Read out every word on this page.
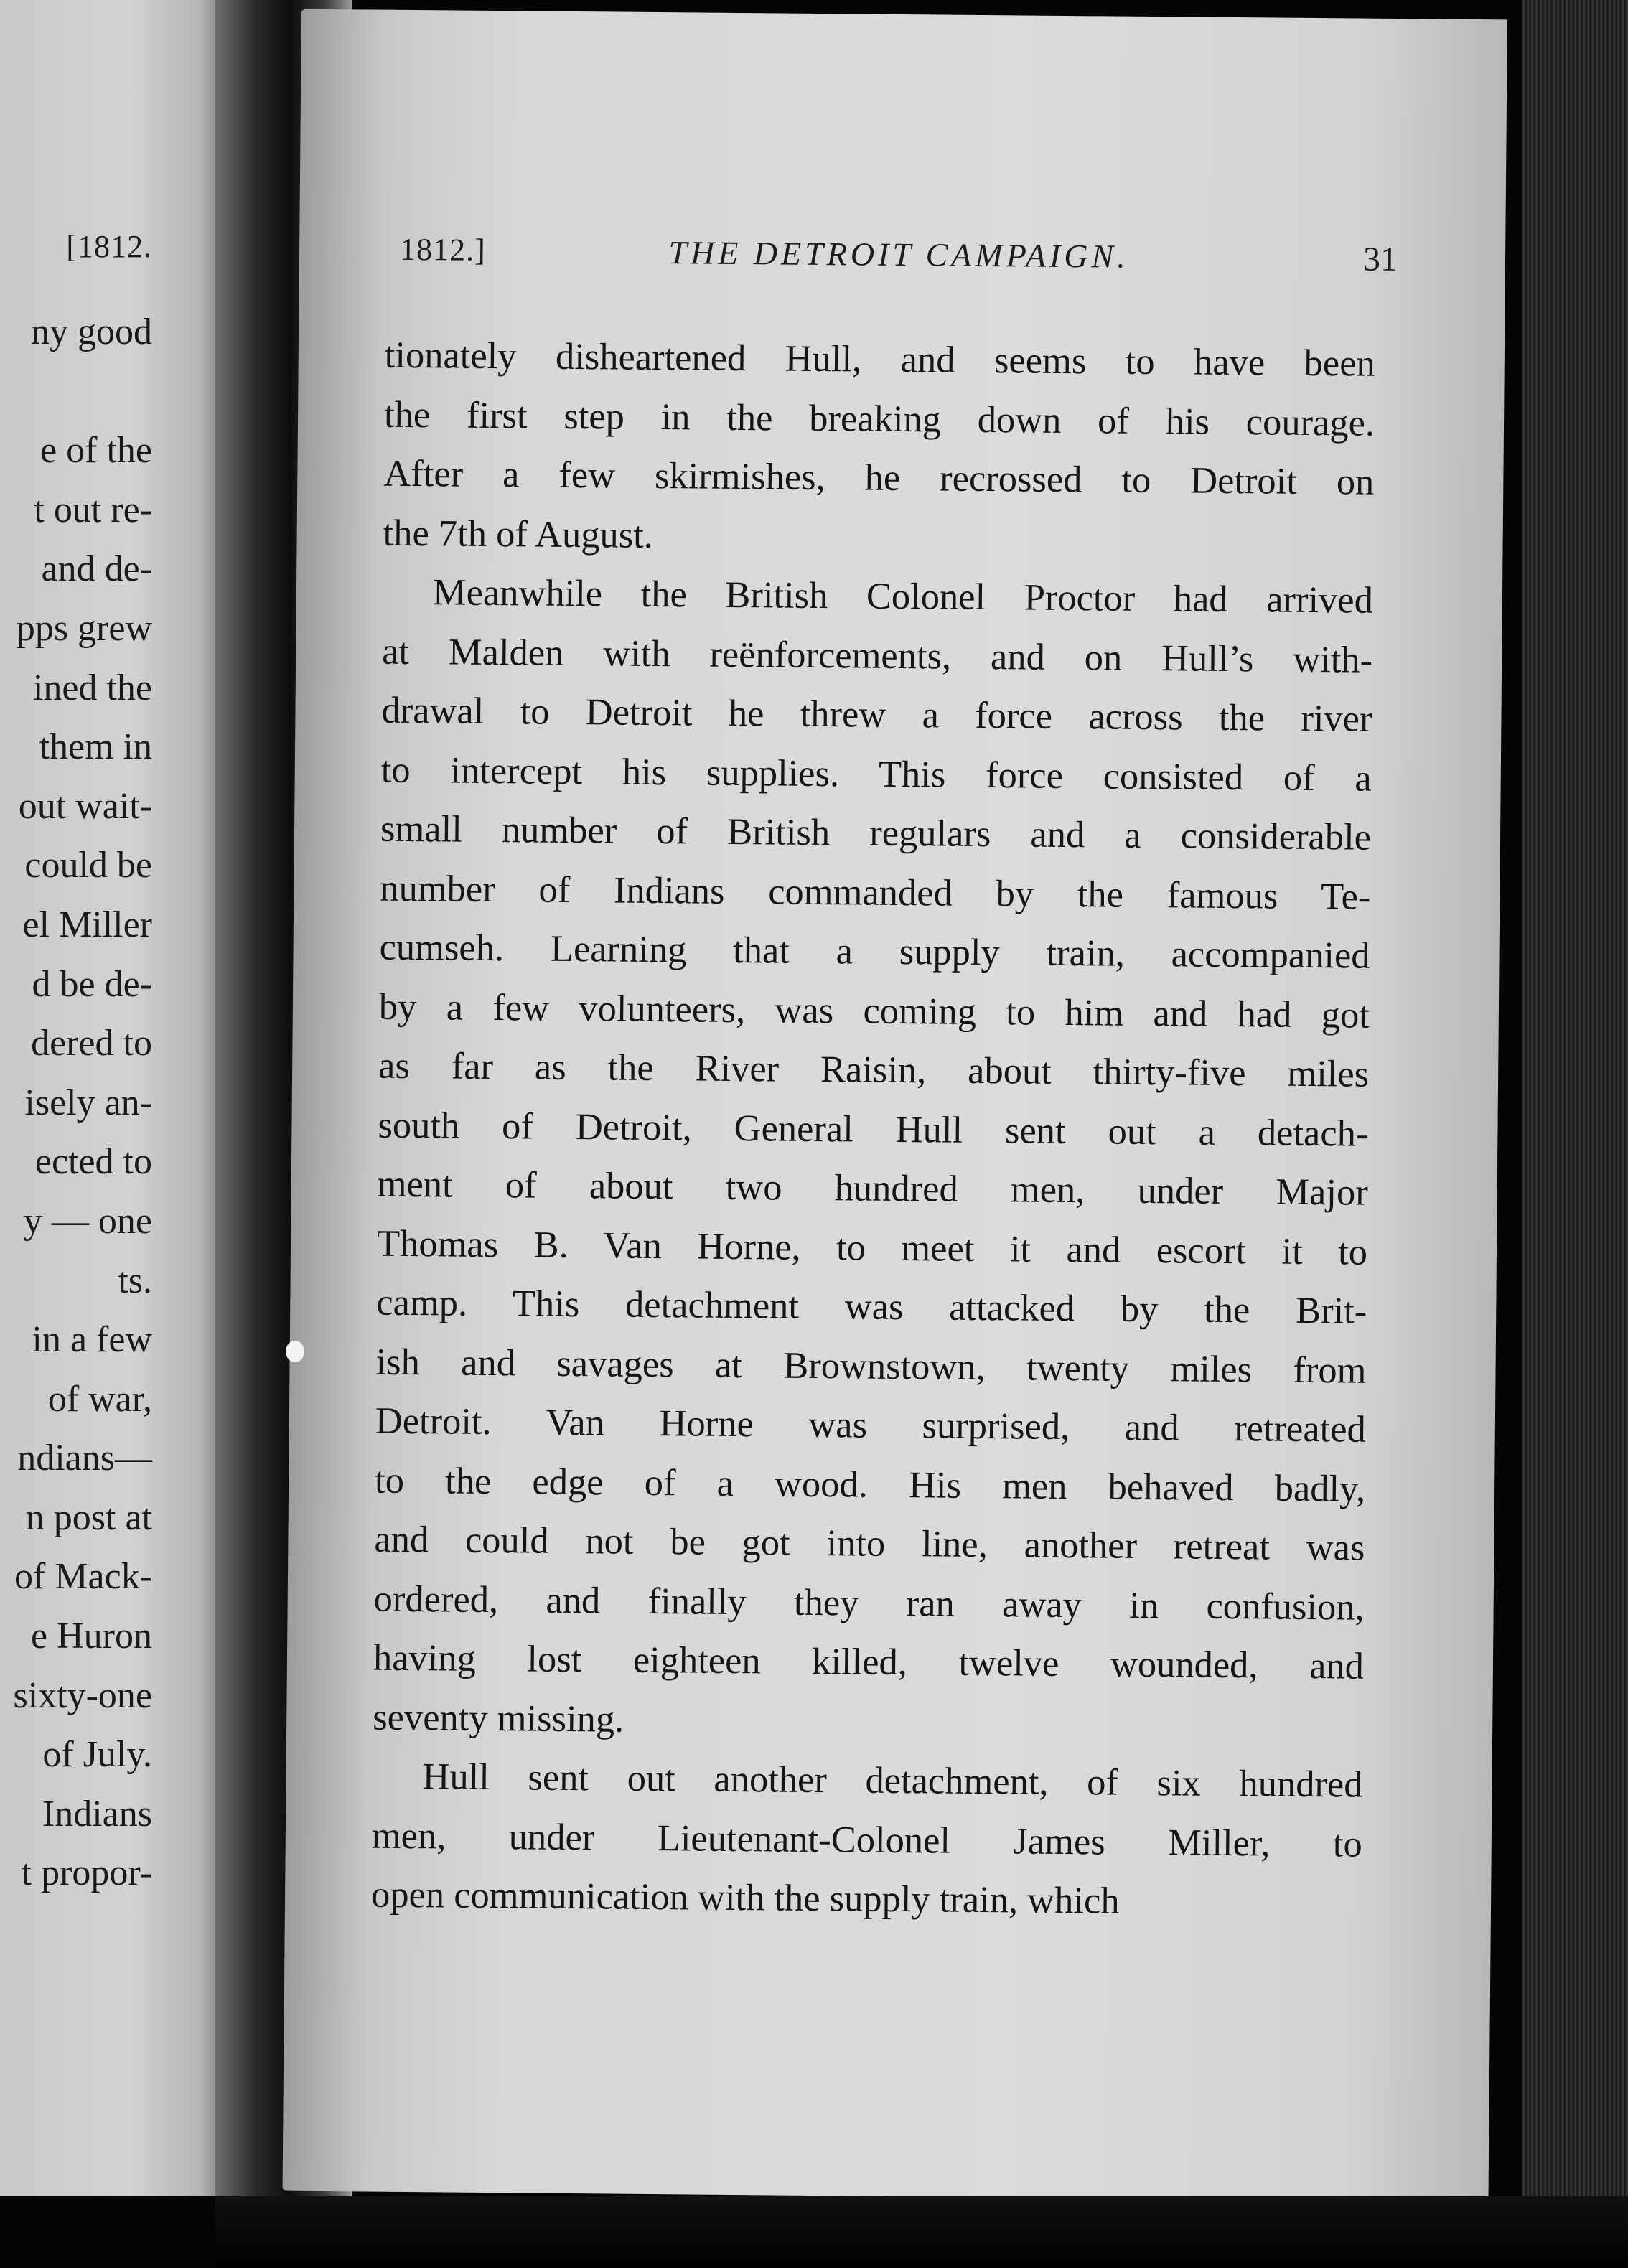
[1812.
ny good
e of the
t out re-
and de-
pps grew
ined the
them in
out wait-
could be
el Miller
d be de-
dered to
isely an-
ected to
y — one
ts.
in a few
of war,
ndians—
n post at
of Mack-
e Huron
sixty-one
of July.
Indians
t propor-
1812.]	THE DETROIT CAMPAIGN.	31
tionately disheartened Hull, and seems to have been
the first step in the breaking down of his courage.
After a few skirmishes, he recrossed to Detroit on
the 7th of August.
Meanwhile the British Colonel Proctor had arrived
at Malden with reënforcements, and on Hull’s with-
drawal to Detroit he threw a force across the river
to intercept his supplies. This force consisted of a
small number of British regulars and a considerable
number of Indians commanded by the famous Te-
cumseh. Learning that a supply train, accompanied
by a few volunteers, was coming to him and had got
as far as the River Raisin, about thirty-five miles
south of Detroit, General Hull sent out a detach-
ment of about two hundred men, under Major
Thomas B. Van Horne, to meet it and escort it to
camp. This detachment was attacked by the Brit-
ish and savages at Brownstown, twenty miles from
Detroit. Van Horne was surprised, and retreated
to the edge of a wood. His men behaved badly,
and could not be got into line, another retreat was
ordered, and finally they ran away in confusion,
having lost eighteen killed, twelve wounded, and
seventy missing.
Hull sent out another detachment, of six hundred
men, under Lieutenant-Colonel James Miller, to
open communication with the supply train, which
